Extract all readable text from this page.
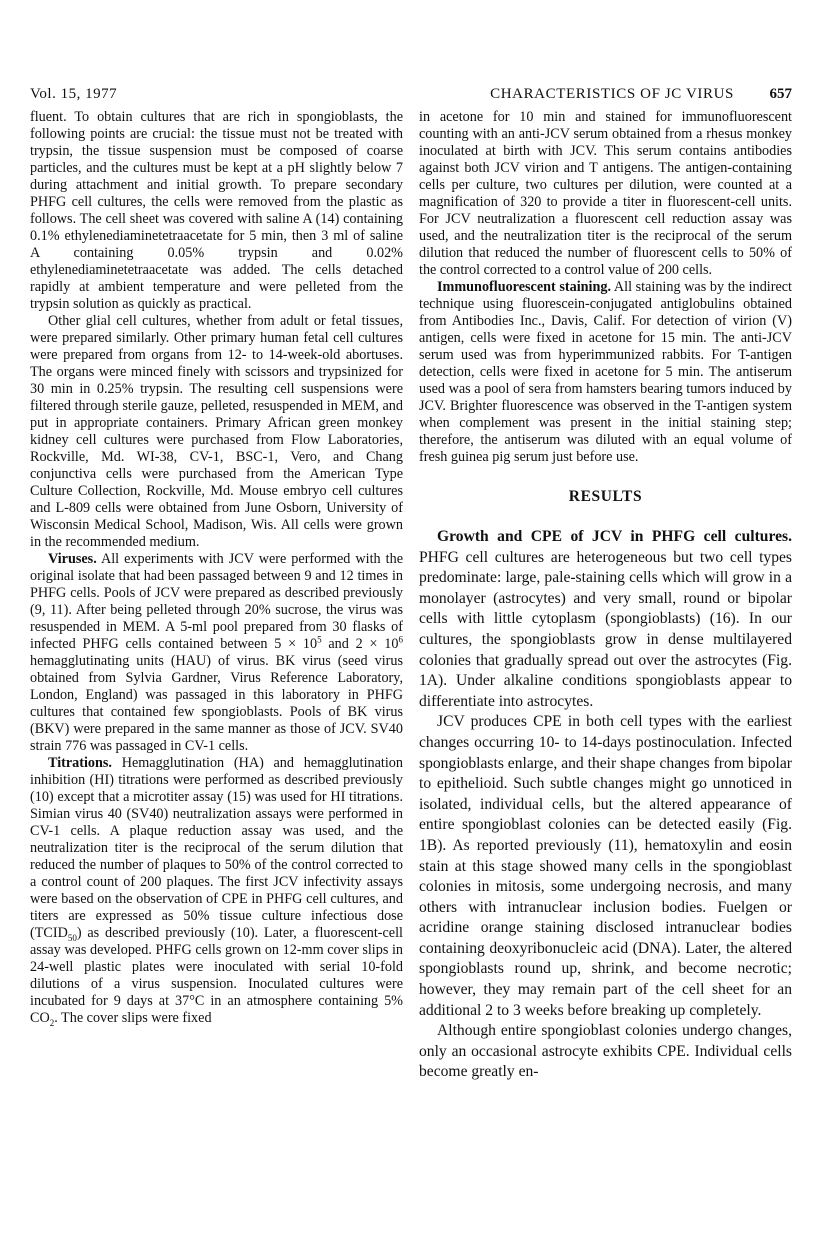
Vol. 15, 1977	CHARACTERISTICS OF JC VIRUS 657

fluent. To obtain cultures that are rich in spongioblasts, the following points are crucial: the tissue must not be treated with trypsin, the tissue suspension must be composed of coarse particles, and the cultures must be kept at a pH slightly below 7 during attachment and initial growth. To prepare secondary PHFG cell cultures, the cells were removed from the plastic as follows. The cell sheet was covered with saline A (14) containing 0.1% ethylenediaminetetraacetate for 5 min, then 3 ml of saline A containing 0.05% trypsin and 0.02% ethylenediaminetetraacetate was added. The cells detached rapidly at ambient temperature and were pelleted from the trypsin solution as quickly as practical.

Other glial cell cultures, whether from adult or fetal tissues, were prepared similarly. Other primary human fetal cell cultures were prepared from organs from 12- to 14-week-old abortuses. The organs were minced finely with scissors and trypsinized for 30 min in 0.25% trypsin. The resulting cell suspensions were filtered through sterile gauze, pelleted, resuspended in MEM, and put in appropriate containers. Primary African green monkey kidney cell cultures were purchased from Flow Laboratories, Rockville, Md. WI-38, CV-1, BSC-1, Vero, and Chang conjunctiva cells were purchased from the American Type Culture Collection, Rockville, Md. Mouse embryo cell cultures and L-809 cells were obtained from June Osborn, University of Wisconsin Medical School, Madison, Wis. All cells were grown in the recommended medium.

Viruses. All experiments with JCV were performed with the original isolate that had been passaged between 9 and 12 times in PHFG cells. Pools of JCV were prepared as described previously (9, 11). After being pelleted through 20% sucrose, the virus was resuspended in MEM. A 5-ml pool prepared from 30 flasks of infected PHFG cells contained between $5 \times 10^5$ and $2 \times 10^6$ hemagglutinating units (HAU) of virus. BK virus (seed virus obtained from Sylvia Gardner, Virus Reference Laboratory, London, England) was passaged in this laboratory in PHFG cultures that contained few spongioblasts. Pools of BK virus (BKV) were prepared in the same manner as those of JCV. SV40 strain 776 was passaged in CV-1 cells.

Titrations. Hemagglutination (HA) and hemagglutination inhibition (HI) titrations were performed as described previously (10) except that a microtiter assay (15) was used for HI titrations. Simian virus 40 (SV40) neutralization assays were performed in CV-1 cells. A plaque reduction assay was used, and the neutralization titer is the reciprocal of the serum dilution that reduced the number of plaques to 50% of the control corrected to a control count of 200 plaques. The first JCV infectivity assays were based on the observation of CPE in PHFG cell cultures, and titers are expressed as 50% tissue culture infectious dose $(TCID_{50})$ as described previously (10). Later, a fluorescent-cell assay was developed. PHFG cells grown on 12-mm cover slips in 24-well plastic plates were inoculated with serial 10-fold dilutions of a virus suspension. Inoculated cultures were incubated for 9 days at 37°C in an atmosphere containing 5% $CO_2$. The cover slips were fixed

in acetone for 10 min and stained for immunofluorescent counting with an anti-JCV serum obtained from a rhesus monkey inoculated at birth with JCV. This serum contains antibodies against both JCV virion and T antigens. The antigen-containing cells per culture, two cultures per dilution, were counted at a magnification of 320 to provide a titer in fluorescent-cell units. For JCV neutralization a fluorescent cell reduction assay was used, and the neutralization titer is the reciprocal of the serum dilution that reduced the number of fluorescent cells to 50% of the control corrected to a control value of 200 cells.

Immunofluorescent staining. All staining was by the indirect technique using fluorescein-conjugated antiglobulins obtained from Antibodies Inc., Davis, Calif. For detection of virion (V) antigen, cells were fixed in acetone for 15 min. The anti-JCV serum used was from hyperimmunized rabbits. For T-antigen detection, cells were fixed in acetone for 5 min. The antiserum used was a pool of sera from hamsters bearing tumors induced by JCV. Brighter fluorescence was observed in the T-antigen system when complement was present in the initial staining step; therefore, the antiserum was diluted with an equal volume of fresh guinea pig serum just before use.

RESULTS

Growth and CPE of JCV in PHFG cell cultures. PHFG cell cultures are heterogeneous but two cell types predominate: large, pale-staining cells which will grow in a monolayer (astrocytes) and very small, round or bipolar cells with little cytoplasm (spongioblasts) (16). In our cultures, the spongioblasts grow in dense multilayered colonies that gradually spread out over the astrocytes (Fig. 1A). Under alkaline conditions spongioblasts appear to differentiate into astrocytes.

JCV produces CPE in both cell types with the earliest changes occurring 10- to 14-days postinoculation. Infected spongioblasts enlarge, and their shape changes from bipolar to epithelioid. Such subtle changes might go unnoticed in isolated, individual cells, but the altered appearance of entire spongioblast colonies can be detected easily (Fig. 1B). As reported previously (11), hematoxylin and eosin stain at this stage showed many cells in the spongioblast colonies in mitosis, some undergoing necrosis, and many others with intranuclear inclusion bodies. Fuelgen or acridine orange staining disclosed intranuclear bodies containing deoxyribonucleic acid (DNA). Later, the altered spongioblasts round up, shrink, and become necrotic; however, they may remain part of the cell sheet for an additional 2 to 3 weeks before breaking up completely.

Although entire spongioblast colonies undergo changes, only an occasional astrocyte exhibits CPE. Individual cells become greatly en-
